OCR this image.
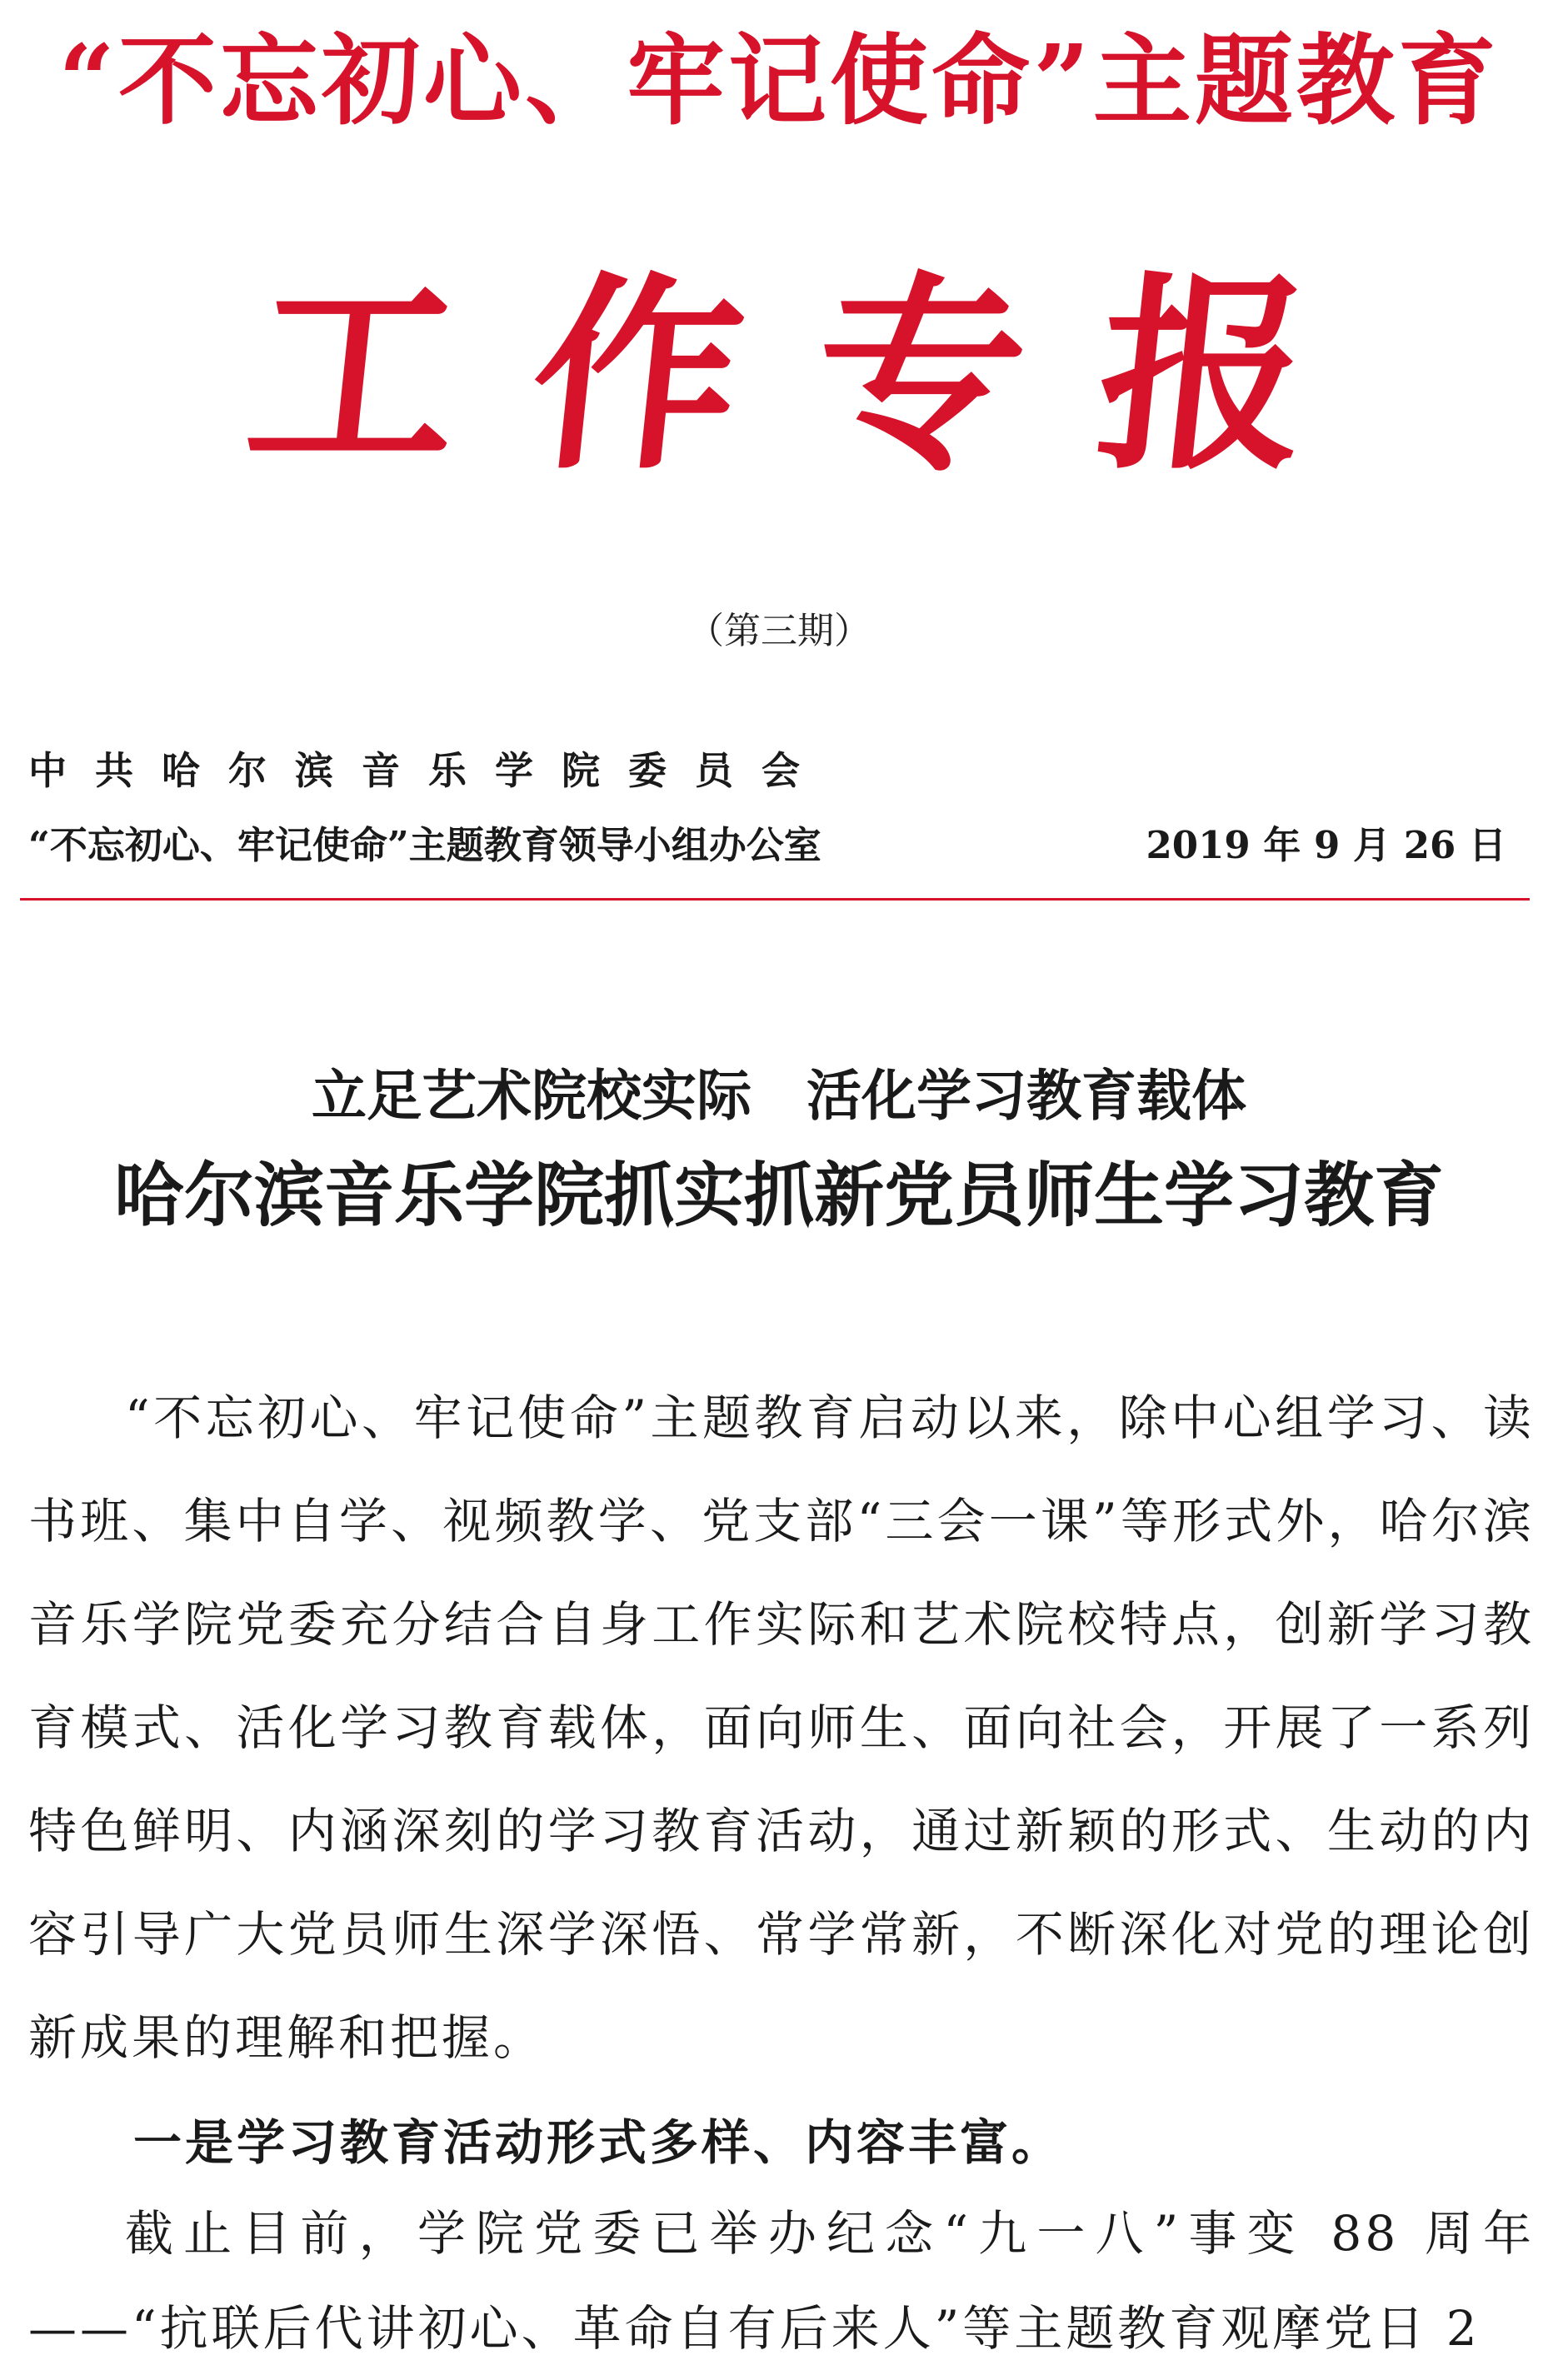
“不忘初心、牢记使命”主题教育
工作专报
（第三期）
中共哈尔滨音乐学院委员会
“不忘初心、牢记使命”主题教育领导小组办公室	2019 年 9 月 26 日
立足艺术院校实际　活化学习教育载体
哈尔滨音乐学院抓实抓新党员师生学习教育

“不忘初心、牢记使命”主题教育启动以来，除中心组学习、读书班、集中自学、视频教学、党支部“三会一课”等形式外，哈尔滨音乐学院党委充分结合自身工作实际和艺术院校特点，创新学习教育模式、活化学习教育载体，面向师生、面向社会，开展了一系列特色鲜明、内涵深刻的学习教育活动，通过新颖的形式、生动的内容引导广大党员师生深学深悟、常学常新，不断深化对党的理论创新成果的理解和把握。

一是学习教育活动形式多样、内容丰富。

截止目前，学院党委已举办纪念“九一八”事变 88 周年——“抗联后代讲初心、革命自有后来人”等主题教育观摩党日 2
